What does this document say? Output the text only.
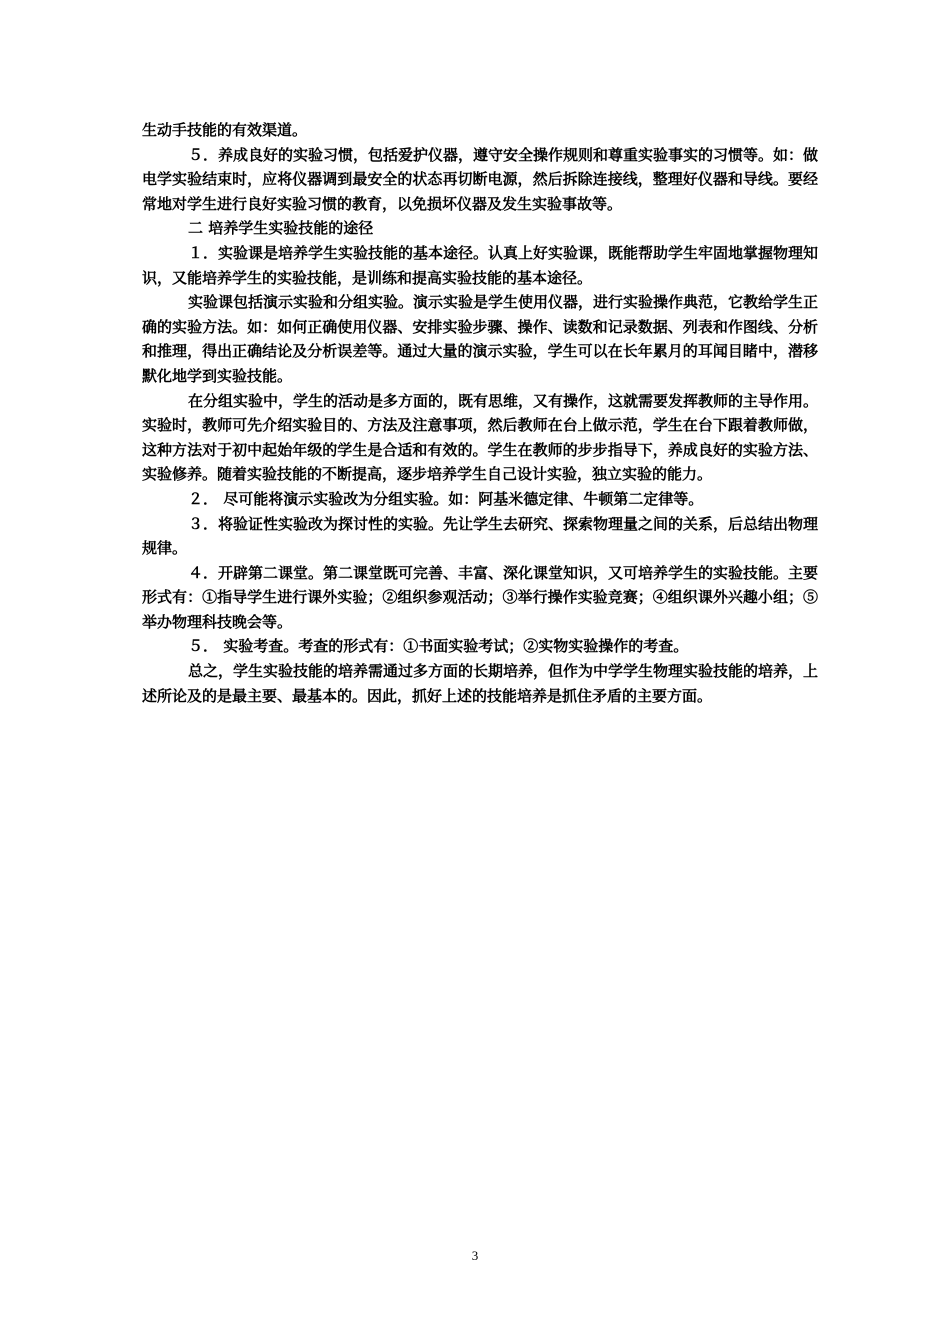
生动手技能的有效渠道。

５．养成良好的实验习惯，包括爱护仪器，遵守安全操作规则和尊重实验事实的习惯等。如：做电学实验结束时，应将仪器调到最安全的状态再切断电源，然后拆除连接线，整理好仪器和导线。要经常地对学生进行良好实验习惯的教育，以免损坏仪器及发生实验事故等。

二 培养学生实验技能的途径

１．实验课是培养学生实验技能的基本途径。认真上好实验课，既能帮助学生牢固地掌握物理知识，又能培养学生的实验技能，是训练和提高实验技能的基本途径。

实验课包括演示实验和分组实验。演示实验是学生使用仪器，进行实验操作典范，它教给学生正确的实验方法。如：如何正确使用仪器、安排实验步骤、操作、读数和记录数据、列表和作图线、分析和推理，得出正确结论及分析误差等。通过大量的演示实验，学生可以在长年累月的耳闻目睹中，潜移默化地学到实验技能。

在分组实验中，学生的活动是多方面的，既有思维，又有操作，这就需要发挥教师的主导作用。实验时，教师可先介绍实验目的、方法及注意事项，然后教师在台上做示范，学生在台下跟着教师做，这种方法对于初中起始年级的学生是合适和有效的。学生在教师的步步指导下，养成良好的实验方法、实验修养。随着实验技能的不断提高，逐步培养学生自己设计实验，独立实验的能力。

２． 尽可能将演示实验改为分组实验。如：阿基米德定律、牛顿第二定律等。

３．将验证性实验改为探讨性的实验。先让学生去研究、探索物理量之间的关系，后总结出物理规律。

４．开辟第二课堂。第二课堂既可完善、丰富、深化课堂知识，又可培养学生的实验技能。主要形式有：①指导学生进行课外实验；②组织参观活动；③举行操作实验竞赛；④组织课外兴趣小组；⑤举办物理科技晚会等。

５． 实验考查。考查的形式有：①书面实验考试；②实物实验操作的考查。

总之，学生实验技能的培养需通过多方面的长期培养，但作为中学学生物理实验技能的培养，上述所论及的是最主要、最基本的。因此，抓好上述的技能培养是抓住矛盾的主要方面。

3
